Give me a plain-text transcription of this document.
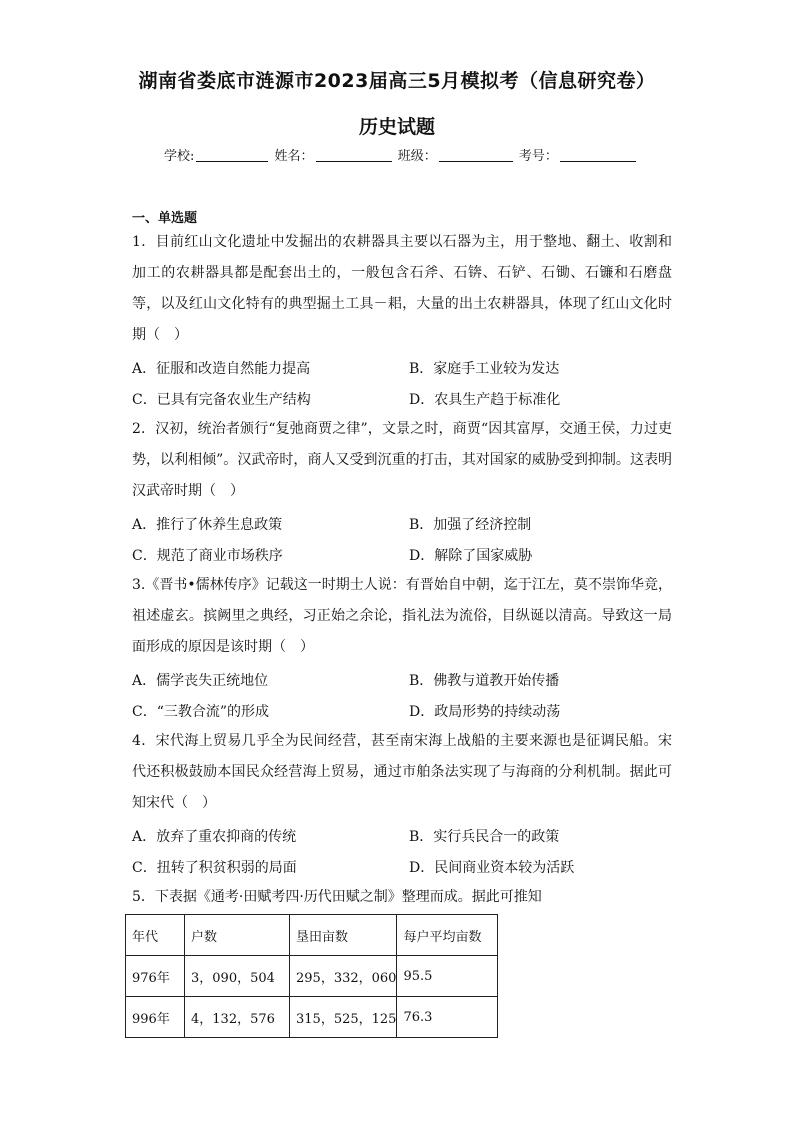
湖南省娄底市涟源市2023届高三5月模拟考（信息研究卷）
历史试题
学校:	姓名：	班级：	考号：
一、单选题
1．目前红山文化遗址中发掘出的农耕器具主要以石器为主，用于整地、翻土、收割和加工的农耕器具都是配套出土的，一般包含石斧、石锛、石铲、石锄、石镰和石磨盘等，以及红山文化特有的典型掘土工具－耜，大量的出土农耕器具，体现了红山文化时期（　）
A．征服和改造自然能力提高	B．家庭手工业较为发达
C．已具有完备农业生产结构	D．农具生产趋于标准化
2．汉初，统治者颁行“复弛商贾之律”，文景之时，商贾“因其富厚，交通王侯，力过吏势，以利相倾”。汉武帝时，商人又受到沉重的打击，其对国家的威胁受到抑制。这表明汉武帝时期（　）
A．推行了休养生息政策	B．加强了经济控制
C．规范了商业市场秩序	D．解除了国家威胁
3.《晋书•儒林传序》记载这一时期士人说：有晋始自中朝，迄于江左，莫不崇饰华竞，祖述虚玄。摈阙里之典经，习正始之余论，指礼法为流俗，目纵诞以清高。导致这一局面形成的原因是该时期（　）
A．儒学丧失正统地位	B．佛教与道教开始传播
C．“三教合流”的形成	D．政局形势的持续动荡
4．宋代海上贸易几乎全为民间经营，甚至南宋海上战船的主要来源也是征调民船。宋代还积极鼓励本国民众经营海上贸易，通过市舶条法实现了与海商的分利机制。据此可知宋代（　）
A．放弃了重农抑商的传统	B．实行兵民合一的政策
C．扭转了积贫积弱的局面	D．民间商业资本较为活跃
5．下表据《通考·田赋考四·历代田赋之制》整理而成。据此可推知
年代	户数	垦田亩数	每户平均亩数
976年	3，090，504	295，332，060	95.5
996年	4，132，576	315，525，125	76.3
